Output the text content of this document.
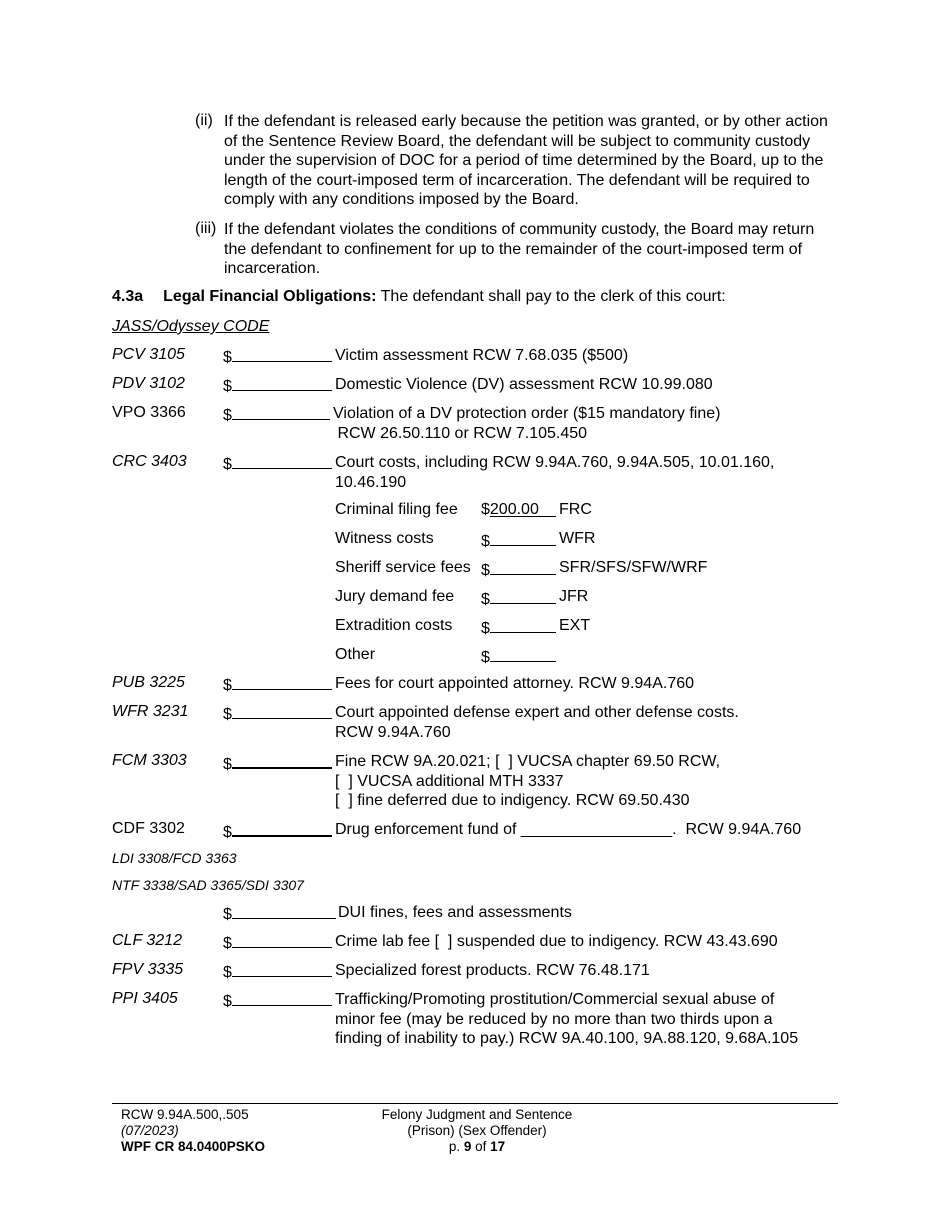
(ii) If the defendant is released early because the petition was granted, or by other action of the Sentence Review Board, the defendant will be subject to community custody under the supervision of DOC for a period of time determined by the Board, up to the length of the court-imposed term of incarceration. The defendant will be required to comply with any conditions imposed by the Board.
(iii) If the defendant violates the conditions of community custody, the Board may return the defendant to confinement for up to the remainder of the court-imposed term of incarceration.
4.3a Legal Financial Obligations: The defendant shall pay to the clerk of this court:
JASS/Odyssey CODE
PCV 3105 $	Victim assessment RCW 7.68.035 ($500)
PDV 3102 $	Domestic Violence (DV) assessment RCW 10.99.080
VPO 3366 $	Violation of a DV protection order ($15 mandatory fine)
RCW 26.50.110 or RCW 7.105.450
CRC 3403 $	Court costs, including RCW 9.94A.760, 9.94A.505, 10.01.160,
10.46.190
Criminal filing fee $200.00	FRC
Witness costs	$	WFR
Sheriff service fees $	SFR/SFS/SFW/WRF
Jury demand fee $	JFR
Extradition costs $	EXT
Other	$
PUB 3225 $	Fees for court appointed attorney. RCW 9.94A.760
WFR 3231 $	Court appointed defense expert and other defense costs.
RCW 9.94A.760
FCM 3303 $	Fine RCW 9A.20.021; [  ] VUCSA chapter 69.50 RCW,
[  ] VUCSA additional MTH 3337
[  ] fine deferred due to indigency. RCW 69.50.430
CDF 3302 $	Drug enforcement fund of _________________.  RCW 9.94A.760
LDI 3308/FCD 3363
NTF 3338/SAD 3365/SDI 3307
$	DUI fines, fees and assessments
CLF 3212	$	Crime lab fee [  ] suspended due to indigency. RCW 43.43.690
FPV 3335 $	Specialized forest products. RCW 76.48.171
PPI 3405	$	Trafficking/Promoting prostitution/Commercial sexual abuse of
minor fee (may be reduced by no more than two thirds upon a
finding of inability to pay.) RCW 9A.40.100, 9A.88.120, 9.68A.105
RCW 9.94A.500,.505
(07/2023)
WPF CR 84.0400PSKO
Felony Judgment and Sentence
(Prison) (Sex Offender)
p. 9 of 17
